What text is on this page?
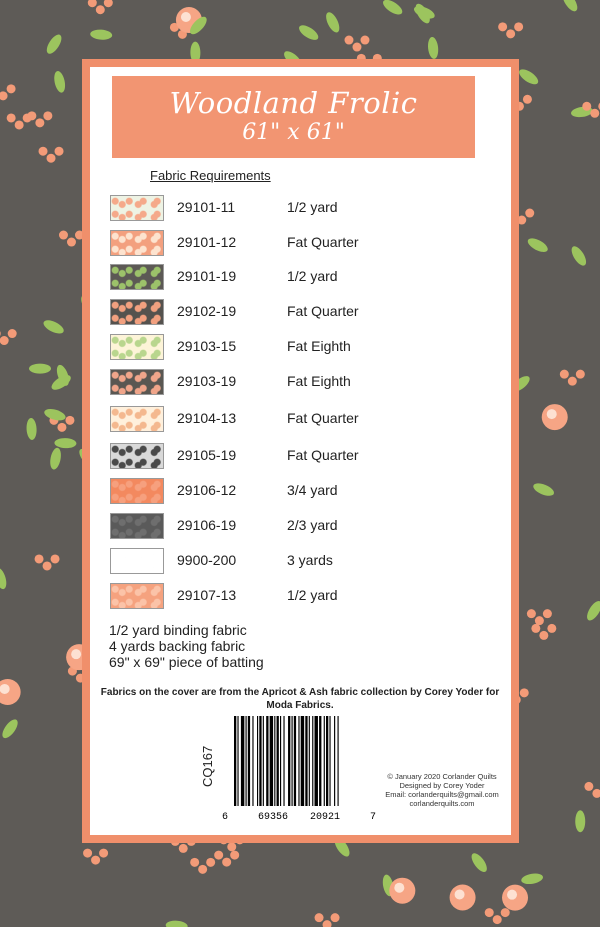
Woodland Frolic
61" x 61"
Fabric Requirements
29101-11	1/2 yard
29101-12	Fat Quarter
29101-19	1/2 yard
29102-19	Fat Quarter
29103-15	Fat Eighth
29103-19	Fat Eighth
29104-13	Fat Quarter
29105-19	Fat Quarter
29106-12	3/4 yard
29106-19	2/3 yard
9900-200	3 yards
29107-13	1/2 yard
1/2 yard binding fabric
4 yards backing fabric
69" x 69" piece of batting
Fabrics on the cover are from the Apricot & Ash fabric collection by Corey Yoder for Moda Fabrics.
CQ167
6	69356 20921	7
© January 2020 Corlander Quilts
Designed by Corey Yoder
Email: corlanderquilts@gmail.com
corlanderquilts.com
